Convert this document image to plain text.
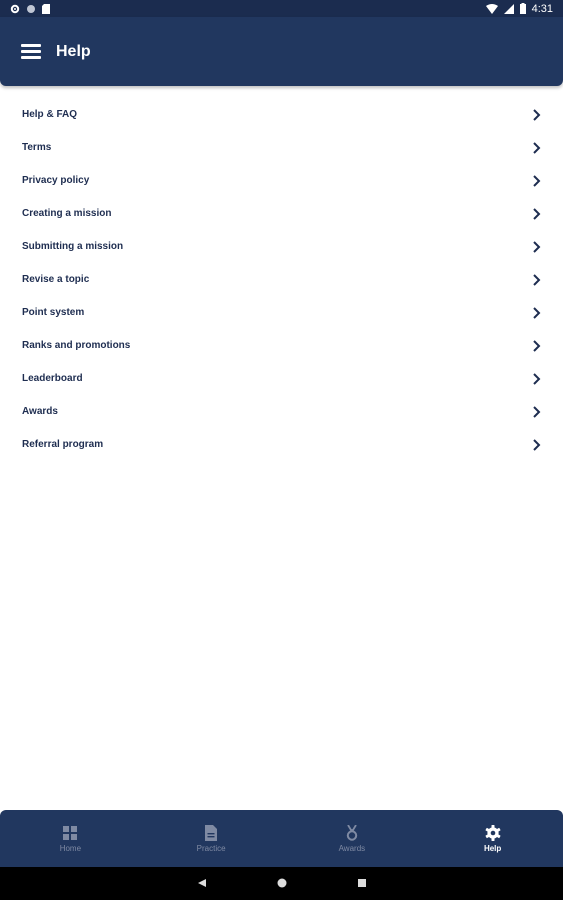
4:31
Help
Help & FAQ
Terms
Privacy policy
Creating a mission
Submitting a mission
Revise a topic
Point system
Ranks and promotions
Leaderboard
Awards
Referral program
Home	Practice	Awards	Help
